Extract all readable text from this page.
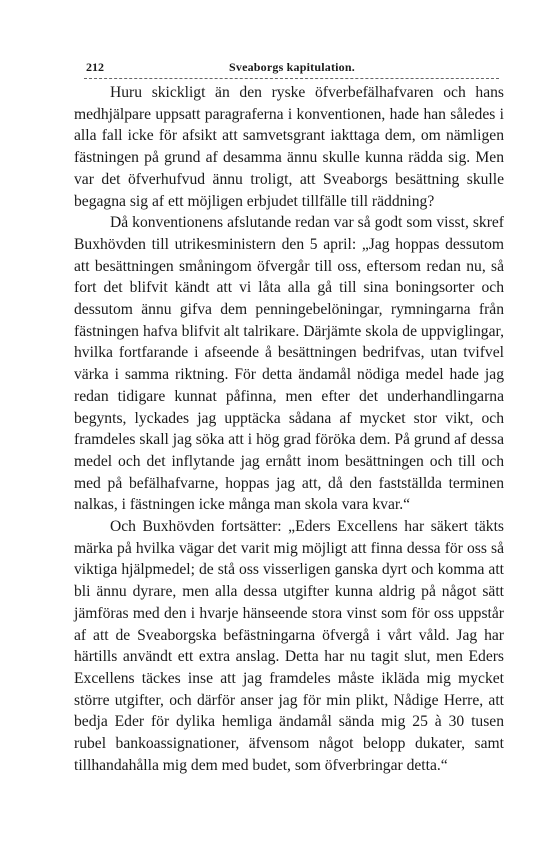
212	Sveaborgs kapitulation.

Huru skickligt än den ryske öfverbefälhafvaren och hans medhjälpare uppsatt paragraferna i konventionen, hade han således i alla fall icke för afsikt att samvetsgrant iakttaga dem, om nämligen fästningen på grund af desamma ännu skulle kunna rädda sig. Men var det öfverhufvud ännu troligt, att Sveaborgs besättning skulle begagna sig af ett möjligen erbjudet tillfälle till räddning?

Då konventionens afslutande redan var så godt som visst, skref Buxhövden till utrikesministern den 5 april: „Jag hoppas dessutom att besättningen småningom öfvergår till oss, eftersom redan nu, så fort det blifvit kändt att vi låta alla gå till sina boningsorter och dessutom ännu gifva dem penningebelöningar, rymningarna från fästningen hafva blifvit alt talrikare. Därjämte skola de uppviglingar, hvilka fortfarande i afseende å besättningen bedrifvas, utan tvifvel värka i samma riktning. För detta ändamål nödiga medel hade jag redan tidigare kunnat påfinna, men efter det underhandlingarna begynts, lyckades jag upptäcka sådana af mycket stor vikt, och framdeles skall jag söka att i hög grad föröka dem. På grund af dessa medel och det inflytande jag ernått inom besättningen och till och med på befälhafvarne, hoppas jag att, då den fastställda terminen nalkas, i fästningen icke många man skola vara kvar.“

Och Buxhövden fortsätter: „Eders Excellens har säkert täkts märka på hvilka vägar det varit mig möjligt att finna dessa för oss så viktiga hjälpmedel; de stå oss visserligen ganska dyrt och komma att bli ännu dyrare, men alla dessa utgifter kunna aldrig på något sätt jämföras med den i hvarje hänseende stora vinst som för oss uppstår af att de Sveaborgska befästningarna öfvergå i vårt våld. Jag har härtills användt ett extra anslag. Detta har nu tagit slut, men Eders Excellens täckes inse att jag framdeles måste ikläda mig mycket större utgifter, och därför anser jag för min plikt, Nådige Herre, att bedja Eder för dylika hemliga ändamål sända mig 25 à 30 tusen rubel bankoassignationer, äfvensom något belopp dukater, samt tillhandahålla mig dem med budet, som öfverbringar detta.“
